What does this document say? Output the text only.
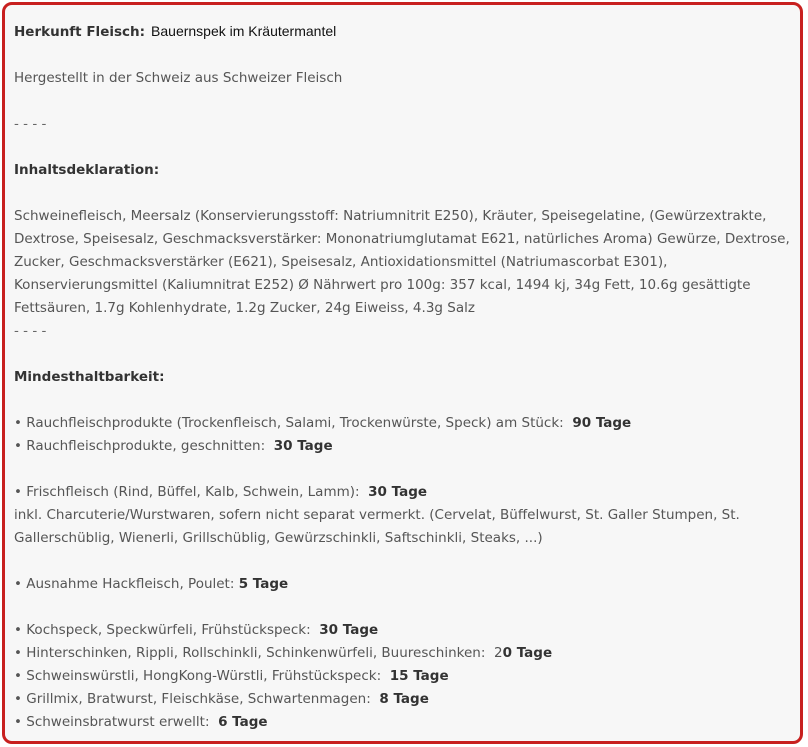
Herkunft Fleisch: Bauernspek im Kräutermantel
Hergestellt in der Schweiz aus Schweizer Fleisch
- - - -
Inhaltsdeklaration:
Schweinefleisch, Meersalz (Konservierungsstoff: Natriumnitrit E250), Kräuter, Speisegelatine, (Gewürzextrakte, Dextrose, Speisesalz, Geschmacksverstärker: Mononatriumglutamat E621, natürliches Aroma) Gewürze, Dextrose, Zucker, Geschmacksverstärker (E621), Speisesalz, Antioxidationsmittel (Natriumascorbat E301), Konservierungsmittel (Kaliumnitrat E252) Ø Nährwert pro 100g: 357 kcal, 1494 kj, 34g Fett, 10.6g gesättigte Fettsäuren, 1.7g Kohlenhydrate, 1.2g Zucker, 24g Eiweiss, 4.3g Salz
- - - -
Mindesthaltbarkeit:
• Rauchfleischprodukte (Trockenfleisch, Salami, Trockenwürste, Speck) am Stück: 90 Tage
• Rauchfleischprodukte, geschnitten: 30 Tage
• Frischfleisch (Rind, Büffel, Kalb, Schwein, Lamm): 30 Tage
inkl. Charcuterie/Wurstwaren, sofern nicht separat vermerkt. (Cervelat, Büffelwurst, St. Galler Stumpen, St. Gallerschüblig, Wienerli, Grillschüblig, Gewürzschinkli, Saftschinkli, Steaks, ...)
• Ausnahme Hackfleisch, Poulet: 5 Tage
• Kochspeck, Speckwürfeli, Frühstückspeck: 30 Tage
• Hinterschinken, Rippli, Rollschinkli, Schinkenwürfeli, Buureschinken: 20 Tage
• Schweinswürstli, HongKong-Würstli, Frühstückspeck: 15 Tage
• Grillmix, Bratwurst, Fleischkäse, Schwartenmagen: 8 Tage
• Schweinsbratwurst erwellt: 6 Tage
